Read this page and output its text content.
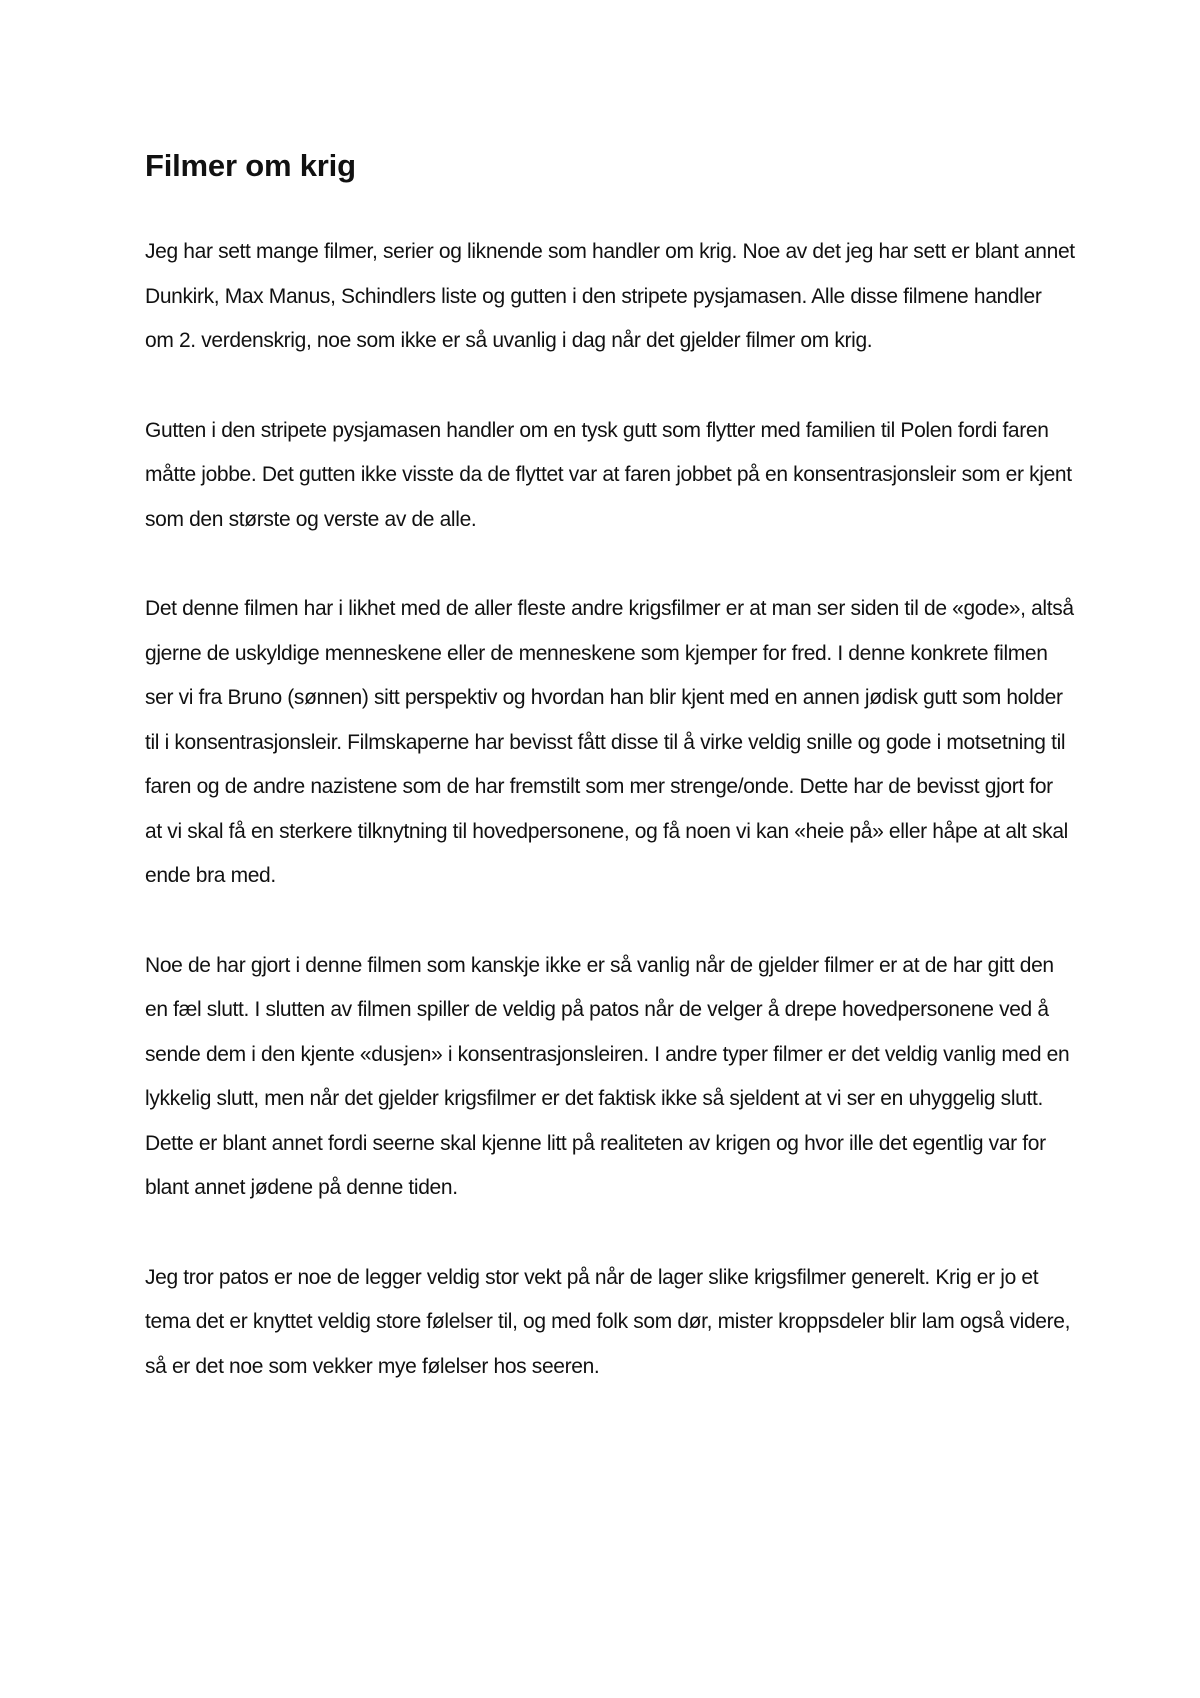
Filmer om krig

Jeg har sett mange filmer, serier og liknende som handler om krig. Noe av det jeg har sett er blant annet Dunkirk, Max Manus, Schindlers liste og gutten i den stripete pysjamasen. Alle disse filmene handler om 2. verdenskrig, noe som ikke er så uvanlig i dag når det gjelder filmer om krig.

Gutten i den stripete pysjamasen handler om en tysk gutt som flytter med familien til Polen fordi faren måtte jobbe. Det gutten ikke visste da de flyttet var at faren jobbet på en konsentrasjonsleir som er kjent som den største og verste av de alle.

Det denne filmen har i likhet med de aller fleste andre krigsfilmer er at man ser siden til de «gode», altså gjerne de uskyldige menneskene eller de menneskene som kjemper for fred. I denne konkrete filmen ser vi fra Bruno (sønnen) sitt perspektiv og hvordan han blir kjent med en annen jødisk gutt som holder til i konsentrasjonsleir. Filmskaperne har bevisst fått disse til å virke veldig snille og gode i motsetning til faren og de andre nazistene som de har fremstilt som mer strenge/onde. Dette har de bevisst gjort for at vi skal få en sterkere tilknytning til hovedpersonene, og få noen vi kan «heie på» eller håpe at alt skal ende bra med.

Noe de har gjort i denne filmen som kanskje ikke er så vanlig når de gjelder filmer er at de har gitt den en fæl slutt. I slutten av filmen spiller de veldig på patos når de velger å drepe hovedpersonene ved å sende dem i den kjente «dusjen» i konsentrasjonsleiren. I andre typer filmer er det veldig vanlig med en lykkelig slutt, men når det gjelder krigsfilmer er det faktisk ikke så sjeldent at vi ser en uhyggelig slutt. Dette er blant annet fordi seerne skal kjenne litt på realiteten av krigen og hvor ille det egentlig var for blant annet jødene på denne tiden.

Jeg tror patos er noe de legger veldig stor vekt på når de lager slike krigsfilmer generelt. Krig er jo et tema det er knyttet veldig store følelser til, og med folk som dør, mister kroppsdeler blir lam også videre, så er det noe som vekker mye følelser hos seeren.
